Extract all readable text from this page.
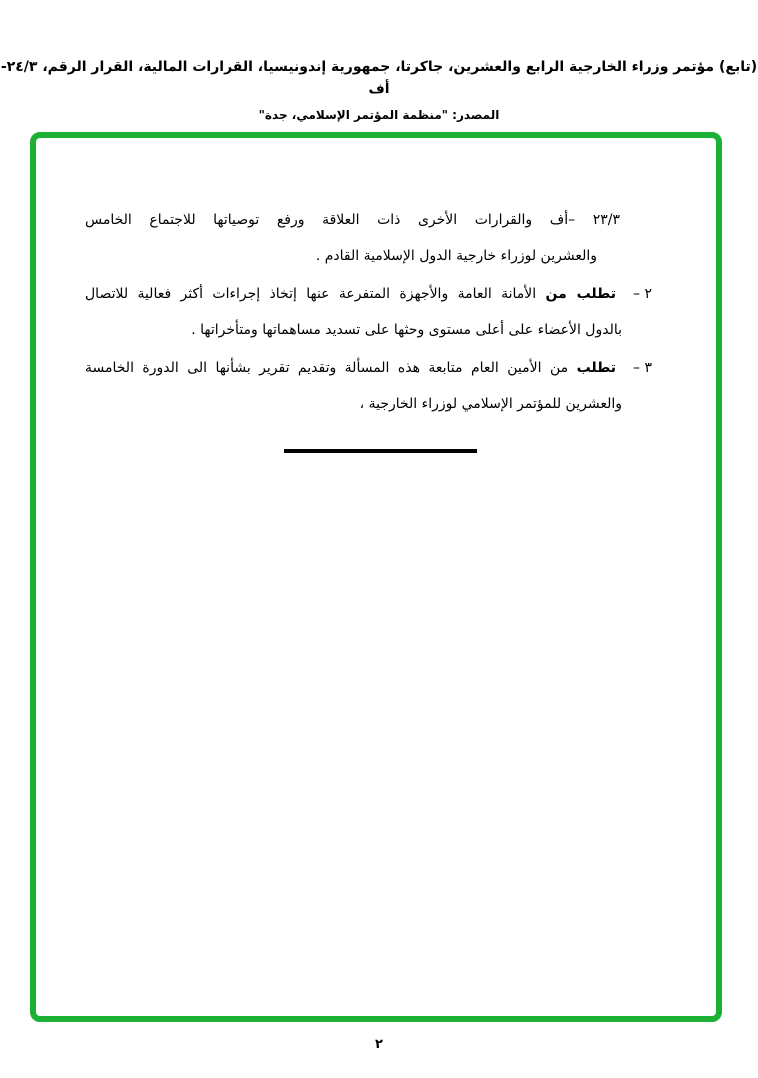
(تابع) مؤتمر وزراء الخارجية الرابع والعشرين، جاكرتا، جمهورية إندونيسيا، القرارات المالية، القرار الرقم، ٢٤/٣-أف
المصدر: "منظمة المؤتمر الإسلامي، جدة"
٢٣/٣ –أف والقرارات الأخرى ذات العلاقة ورفع توصياتها للاجتماع الخامس
والعشرين لوزراء خارجية الدول الإسلامية القادم .
٢ –
تطلب من الأمانة العامة والأجهزة المتفرعة عنها إتخاذ إجراءات أكثر فعالية للاتصال
بالدول الأعضاء على أعلى مستوى وحثها على تسديد مساهماتها ومتأخراتها .
٣ –
تطلب من الأمين العام متابعة هذه المسألة وتقديم تقرير بشأنها الى الدورة الخامسة
والعشرين للمؤتمر الإسلامي لوزراء الخارجية ،
٢
